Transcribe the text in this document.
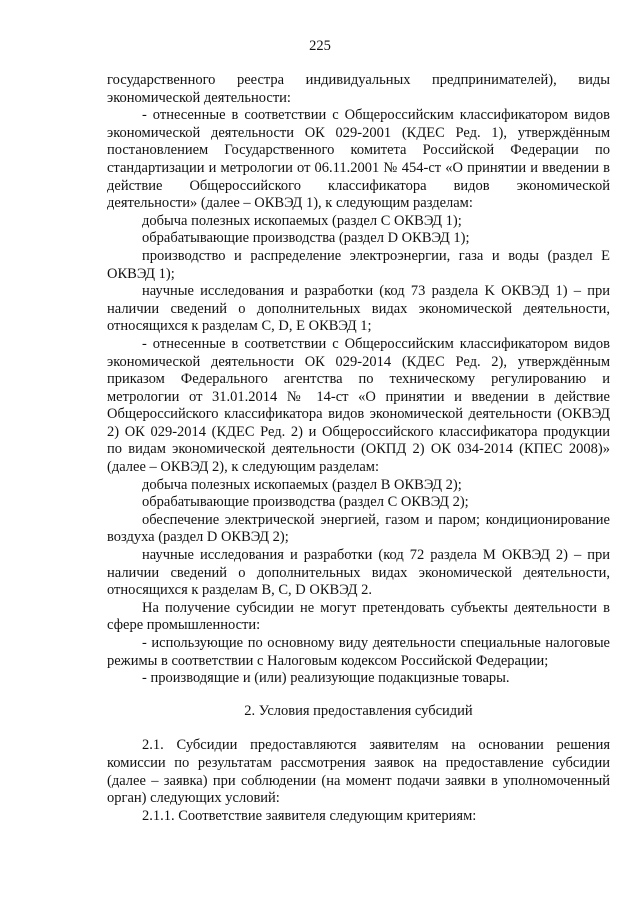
225

государственного реестра индивидуальных предпринимателей), виды экономической деятельности:

- отнесенные в соответствии с Общероссийским классификатором видов экономической деятельности ОК 029-2001 (КДЕС Ред. 1), утверждённым постановлением Государственного комитета Российской Федерации по стандартизации и метрологии от 06.11.2001 № 454-ст «О принятии и введении в действие Общероссийского классификатора видов экономической деятельности» (далее – ОКВЭД 1), к следующим разделам:

добыча полезных ископаемых (раздел С ОКВЭД 1);

обрабатывающие производства (раздел D ОКВЭД 1);

производство и распределение электроэнергии, газа и воды (раздел Е ОКВЭД 1);

научные исследования и разработки (код 73 раздела K ОКВЭД 1) – при наличии сведений о дополнительных видах экономической деятельности, относящихся к разделам С, D, Е ОКВЭД 1;

- отнесенные в соответствии с Общероссийским классификатором видов экономической деятельности ОК 029-2014 (КДЕС Ред. 2), утверждённым приказом Федерального агентства по техническому регулированию и метрологии от 31.01.2014 № 14-ст «О принятии и введении в действие Общероссийского классификатора видов экономической деятельности (ОКВЭД 2) ОК 029-2014 (КДЕС Ред. 2) и Общероссийского классификатора продукции по видам экономической деятельности (ОКПД 2) ОК 034-2014 (КПЕС 2008)» (далее – ОКВЭД 2), к следующим разделам:

добыча полезных ископаемых (раздел В ОКВЭД 2);

обрабатывающие производства (раздел С ОКВЭД 2);

обеспечение электрической энергией, газом и паром; кондиционирование воздуха (раздел D ОКВЭД 2);

научные исследования и разработки (код 72 раздела М ОКВЭД 2) – при наличии сведений о дополнительных видах экономической деятельности, относящихся к разделам В, С, D ОКВЭД 2.

На получение субсидии не могут претендовать субъекты деятельности в сфере промышленности:

- использующие по основному виду деятельности специальные налоговые режимы в соответствии с Налоговым кодексом Российской Федерации;

- производящие и (или) реализующие подакцизные товары.

2. Условия предоставления субсидий

2.1. Субсидии предоставляются заявителям на основании решения комиссии по результатам рассмотрения заявок на предоставление субсидии (далее – заявка) при соблюдении (на момент подачи заявки в уполномоченный орган) следующих условий:

2.1.1. Соответствие заявителя следующим критериям:
